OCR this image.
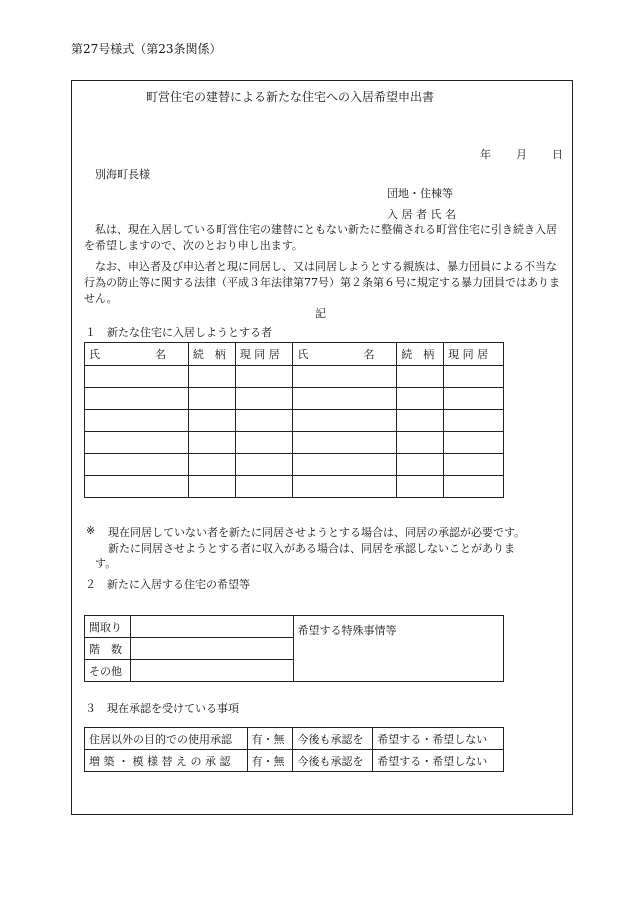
第27号様式（第23条関係）
町営住宅の建替による新たな住宅への入居希望申出書
年 月 日
別海町長様
団地・住棟等
入 居 者 氏 名
私は、現在入居している町営住宅の建替にともない新たに整備される町営住宅に引き続き入居を希望しますので、次のとおり申し出ます。
なお、申込者及び申込者と現に同居し、又は同居しようとする親族は、暴力団員による不当な行為の防止等に関する法律（平成３年法律第77号）第２条第６号に規定する暴力団員ではありません。
記
１　新たな住宅に入居しようとする者
氏　　　　　名	続　柄	現 同 居	氏　　　　　名	続　柄	現 同 居

※ 現在同居していない者を新たに同居させようとする場合は、同居の承認が必要です。
新たに同居させようとする者に収入がある場合は、同居を承認しないことがありま
す。
２　新たに入居する住宅の希望等
間取り		希望する特殊事情等
階　数		
その他		
３　現在承認を受けている事項
住居以外の目的での使用承認	有・無	今後も承認を	希望する・希望しない
増 築 ・ 模 様 替 え の 承 認	有・無	今後も承認を	希望する・希望しない
